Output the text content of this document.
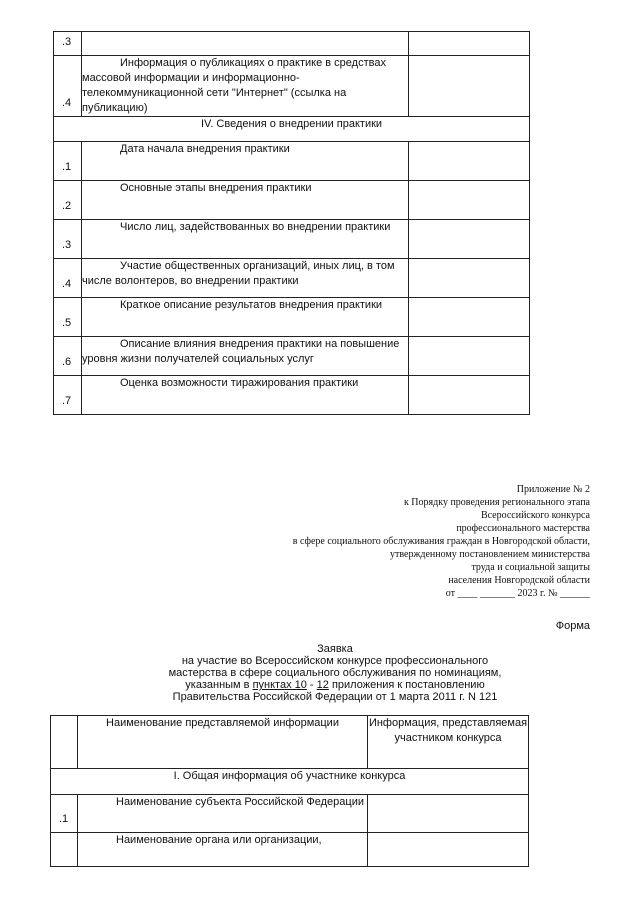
.3		

.4	Информация о публикациях о практике в средствах
массовой информации и информационно-телекоммуникационной сети "Интернет" (ссылка на публикацию)	
IV. Сведения о внедрении практики		

.1	Дата начала внедрения практики	

.2	Основные этапы внедрения практики	

.3	Число лиц, задействованных во внедрении практики	

.4	Участие общественных организаций, иных лиц, в том
числе волонтеров, во внедрении практики	

.5	Краткое описание результатов внедрения практики	

.6	Описание влияния внедрения практики на повышение
уровня жизни получателей социальных услуг	

.7	Оценка возможности тиражирования практики	

Приложение № 2
к Порядку проведения регионального этапа
Всероссийского конкурса
профессионального мастерства
в сфере социального обслуживания граждан в Новгородской области,
утвержденному постановлением министерства
труда и социальной защиты
населения Новгородской области
от ____ _______ 2023 г. № ______
Форма
Заявка
на участие во Всероссийском конкурсе профессионального
мастерства в сфере социального обслуживания по номинациям,
указанным в пунктах 10 - 12 приложения к постановлению
Правительства Российской Федерации от 1 марта 2011 г. N 121
	Наименование представляемой информации	Информация, представляемая участником конкурса
I. Общая информация об участнике конкурса		

.1	Наименование субъекта Российской Федерации	

	Наименование органа или организации,	
